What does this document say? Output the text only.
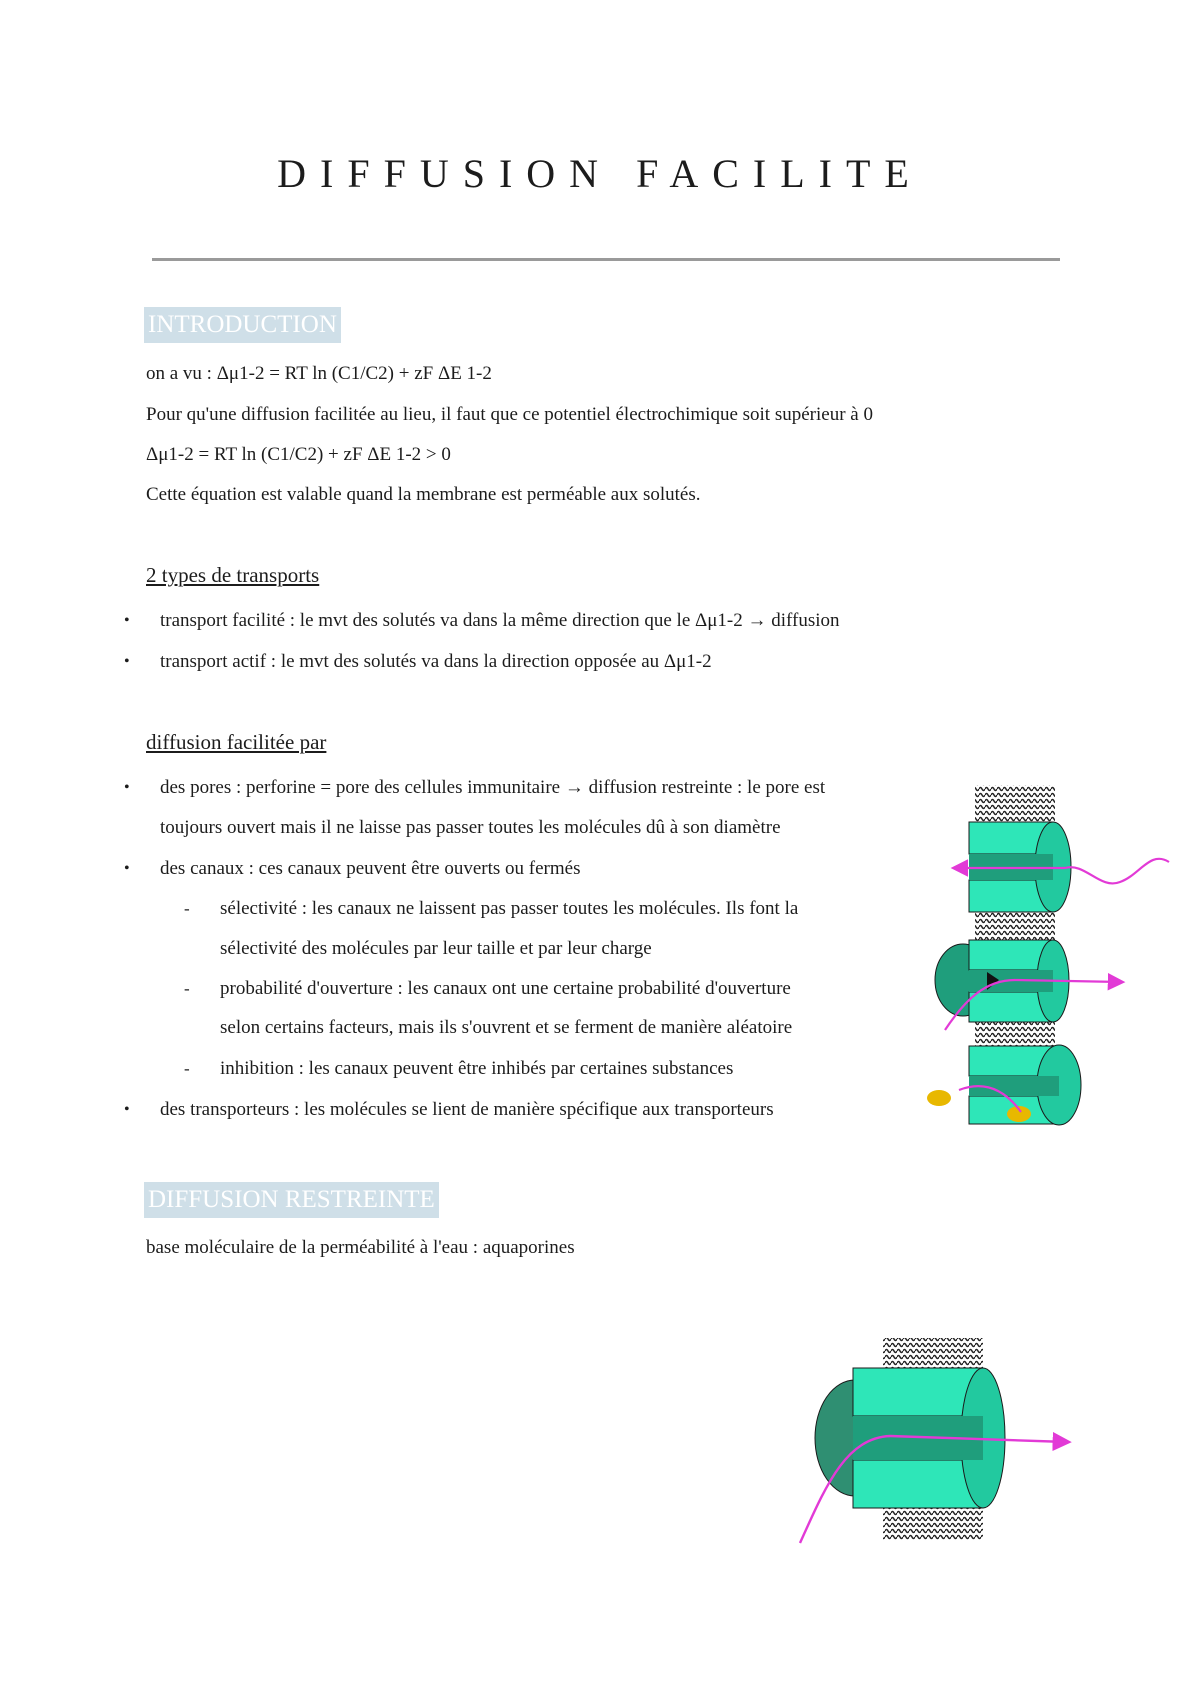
DIFFUSION FACILITE
INTRODUCTION
on a vu : Δμ1-2 = RT ln (C1/C2) + zF ΔE 1-2
Pour qu'une diffusion facilitée au lieu, il faut que ce potentiel électrochimique soit supérieur à 0
Δμ1-2 = RT ln (C1/C2) + zF ΔE 1-2 > 0
Cette équation est valable quand la membrane est perméable aux solutés.
2 types de transports
• transport facilité : le mvt des solutés va dans la même direction que le Δμ1-2 → diffusion
• transport actif : le mvt des solutés va dans la direction opposée au Δμ1-2
diffusion facilitée par
• des pores : perforine = pore des cellules immunitaire → diffusion restreinte : le pore est
toujours ouvert mais il ne laisse pas passer toutes les molécules dû à son diamètre
• des canaux : ces canaux peuvent être ouverts ou fermés
- sélectivité : les canaux ne laissent pas passer toutes les molécules. Ils font la
sélectivité des molécules par leur taille et par leur charge
- probabilité d'ouverture : les canaux ont une certaine probabilité d'ouverture
selon certains facteurs, mais ils s'ouvrent et se ferment de manière aléatoire
- inhibition : les canaux peuvent être inhibés par certaines substances
• des transporteurs : les molécules se lient de manière spécifique aux transporteurs
DIFFUSION RESTREINTE
base moléculaire de la perméabilité à l'eau : aquaporines
